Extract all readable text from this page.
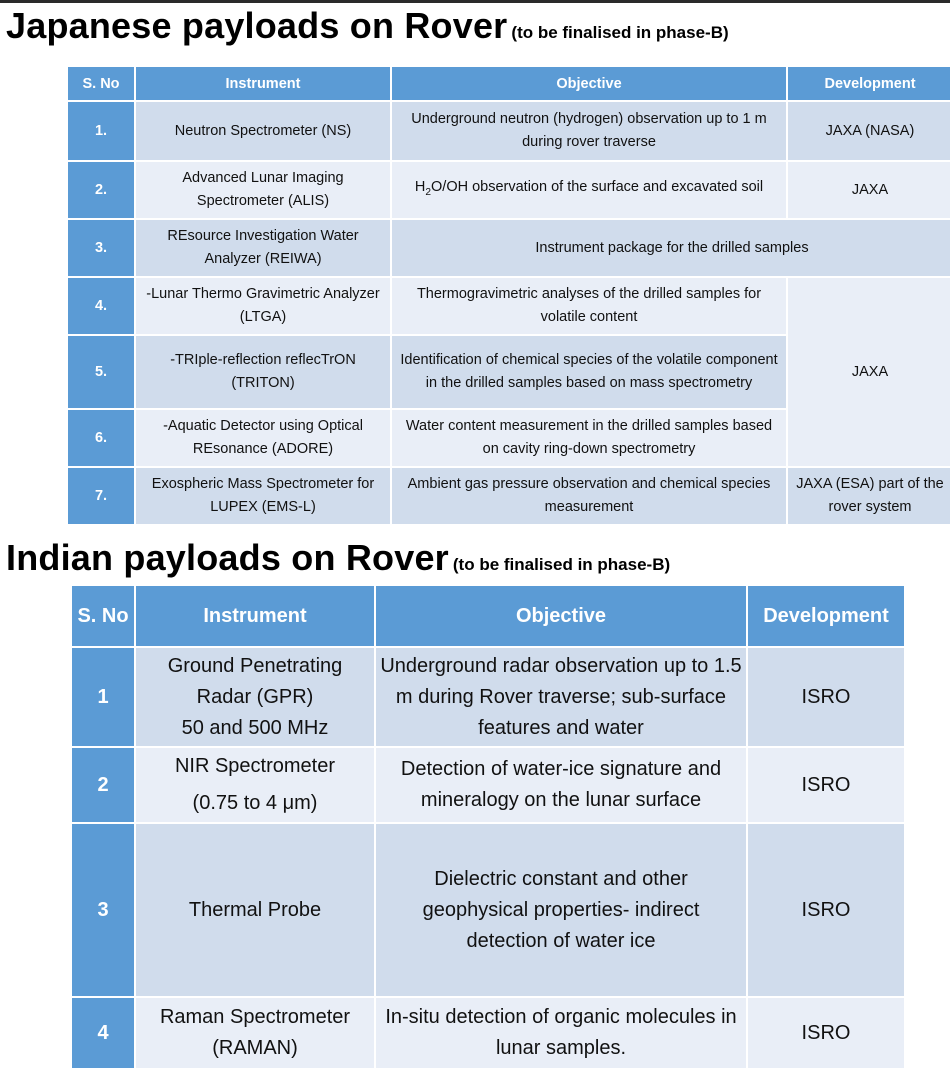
Japanese payloads on Rover (to be finalised in phase-B)
S. No	Instrument	Objective	Development
1.	Neutron Spectrometer (NS)	Underground neutron (hydrogen) observation up to 1 m during rover traverse	JAXA (NASA)
2.	Advanced Lunar Imaging Spectrometer (ALIS)	$H_2O/OH$ observation of the surface and excavated soil	JAXA
3.	REsource Investigation Water Analyzer (REIWA)	Instrument package for the drilled samples	
4.	-Lunar Thermo Gravimetric Analyzer (LTGA)	Thermogravimetric analyses of the drilled samples for volatile content	JAXA
5.	-TRIple-reflection reflecTrON (TRITON)	Identification of chemical species of the volatile component in the drilled samples based on mass spectrometry	
6.	-Aquatic Detector using Optical REsonance (ADORE)	Water content measurement in the drilled samples based on cavity ring-down spectrometry	
7.	Exospheric Mass Spectrometer for LUPEX (EMS-L)	Ambient gas pressure observation and chemical species measurement	JAXA (ESA) part of the rover system
Indian payloads on Rover (to be finalised in phase-B)
S. No	Instrument	Objective	Development
1	Ground Penetrating Radar (GPR)
50 and 500 MHz	Underground radar observation up to 1.5 m during Rover traverse; sub-surface features and water	ISRO
2	NIR Spectrometer
(0.75 to 4 μm)	Detection of water-ice signature and mineralogy on the lunar surface	ISRO
3	Thermal Probe	Dielectric constant and other geophysical properties- indirect detection of water ice	ISRO
4	Raman Spectrometer (RAMAN)	In-situ detection of organic molecules in lunar samples.	ISRO
